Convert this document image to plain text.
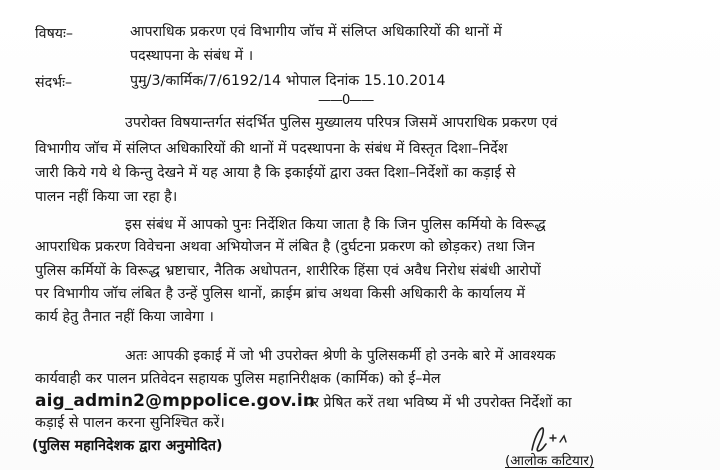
विषयः–	आपराधिक प्रकरण एवं विभागीय जॉच में संलिप्त अधिकारियों की थानों में
पदस्थापना के संबंध में ।
संदर्भः–	पुमु/3/कार्मिक/7/6192/14 भोपाल दिनांक 15.10.2014
——0——
उपरोक्त विषयान्तर्गत संदर्भित पुलिस मुख्यालय परिपत्र जिसमें आपराधिक प्रकरण एवं
विभागीय जॉच में संलिप्त अधिकारियों की थानों में पदस्थापना के संबंध में विस्तृत दिशा–निर्देश
जारी किये गये थे किन्तु देखने में यह आया है कि इकाईयों द्वारा उक्त दिशा–निर्देशों का कड़ाई से
पालन नहीं किया जा रहा है।
इस संबंध में आपको पुनः निर्देशित किया जाता है कि जिन पुलिस कर्मियो के विरूद्ध
आपराधिक प्रकरण विवेचना अथवा अभियोजन में लंबित है (दुर्घटना प्रकरण को छोड़कर) तथा जिन
पुलिस कर्मियों के विरूद्ध भ्रष्टाचार, नैतिक अधोपतन, शारीरिक हिंसा एवं अवैध निरोध संबंधी आरोपों
पर विभागीय जॉच लंबित है उन्हें पुलिस थानों, क्राईम ब्रांच अथवा किसी अधिकारी के कार्यालय में
कार्य हेतु तैनात नहीं किया जावेगा ।
अतः आपकी इकाई में जो भी उपरोक्त श्रेणी के पुलिसकर्मी हो उनके बारे में आवश्यक
कार्यवाही कर पालन प्रतिवेदन सहायक पुलिस महानिरीक्षक (कार्मिक) को ई–मेल
aig_admin2@mppolice.gov.in
पर प्रेषित करें तथा भविष्य में भी उपरोक्त निर्देशों का
कड़ाई से पालन करना सुनिश्चित करें।
(पुलिस महानिदेशक द्वारा अनुमोदित)
(आलोक कटियार)
